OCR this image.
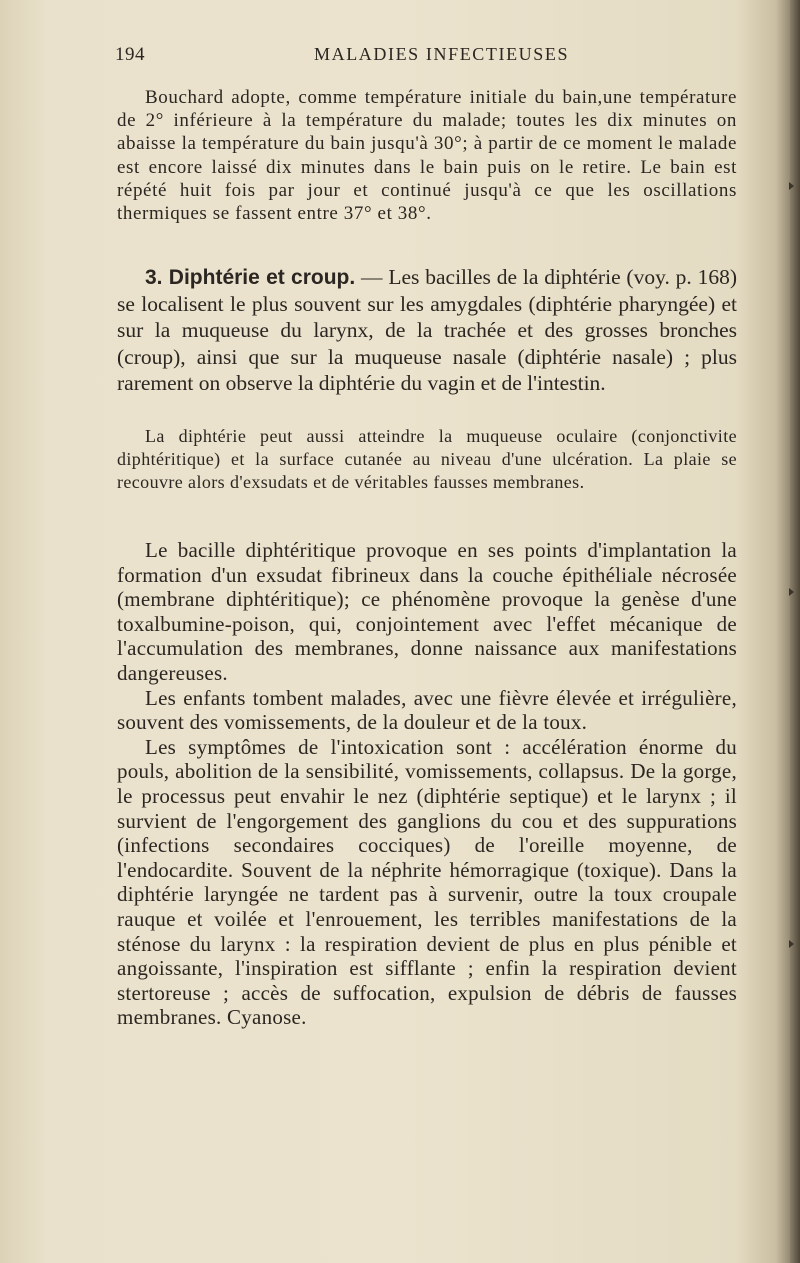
194	MALADIES INFECTIEUSES

Bouchard adopte, comme température initiale du bain,une température de 2° inférieure à la température du malade; toutes les dix minutes on abaisse la température du bain jusqu'à 30°; à partir de ce moment le malade est encore laissé dix minutes dans le bain puis on le retire. Le bain est répété huit fois par jour et continué jusqu'à ce que les oscillations thermiques se fassent entre 37° et 38°.

3. Diphtérie et croup. — Les bacilles de la diphtérie (voy. p. 168) se localisent le plus souvent sur les amygdales (diphtérie pharyngée) et sur la muqueuse du larynx, de la trachée et des grosses bronches (croup), ainsi que sur la muqueuse nasale (diphtérie nasale) ; plus rarement on observe la diphtérie du vagin et de l'intestin.

La diphtérie peut aussi atteindre la muqueuse oculaire (conjonctivite diphtéritique) et la surface cutanée au niveau d'une ulcération. La plaie se recouvre alors d'exsudats et de véritables fausses membranes.

Le bacille diphtéritique provoque en ses points d'implantation la formation d'un exsudat fibrineux dans la couche épithéliale nécrosée (membrane diphtéritique); ce phénomène provoque la genèse d'une toxalbumine-poison, qui, conjointement avec l'effet mécanique de l'accumulation des membranes, donne naissance aux manifestations dangereuses.

Les enfants tombent malades, avec une fièvre élevée et irrégulière, souvent des vomissements, de la douleur et de la toux.

Les symptômes de l'intoxication sont : accélération énorme du pouls, abolition de la sensibilité, vomissements, collapsus. De la gorge, le processus peut envahir le nez (diphtérie septique) et le larynx ; il survient de l'engorgement des ganglions du cou et des suppurations (infections secondaires cocciques) de l'oreille moyenne, de l'endocardite. Souvent de la néphrite hémorragique (toxique). Dans la diphtérie laryngée ne tardent pas à survenir, outre la toux croupale rauque et voilée et l'enrouement, les terribles manifestations de la sténose du larynx : la respiration devient de plus en plus pénible et angoissante, l'inspiration est sifflante ; enfin la respiration devient stertoreuse ; accès de suffocation, expulsion de débris de fausses membranes. Cyanose.
